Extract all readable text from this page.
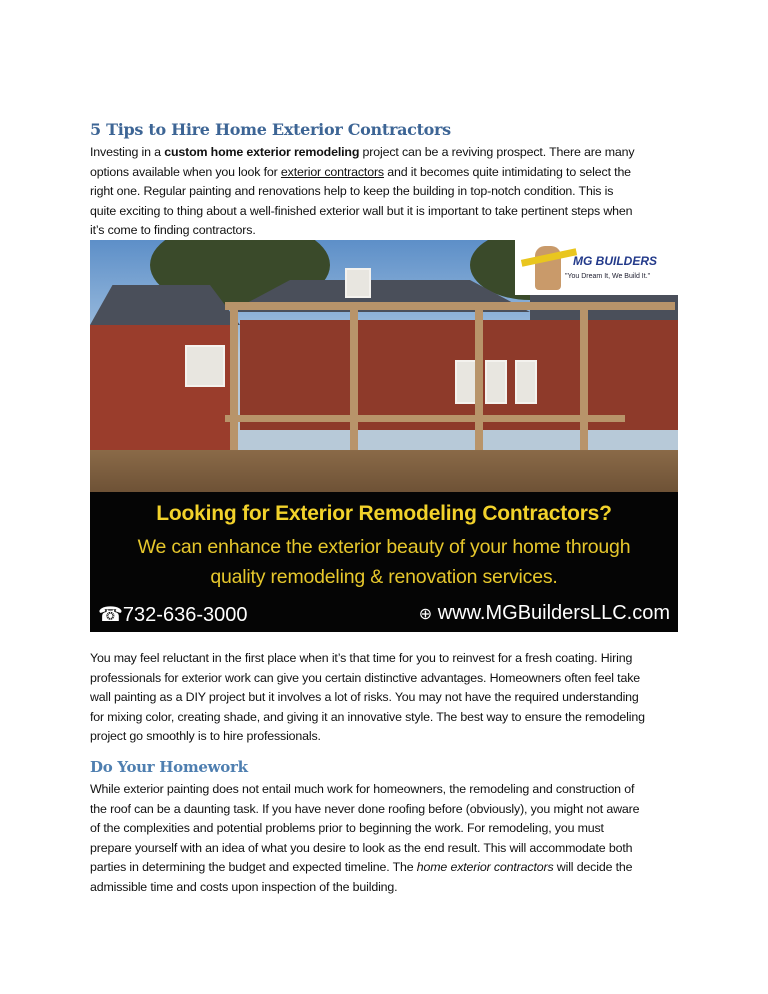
5 Tips to Hire Home Exterior Contractors
Investing in a custom home exterior remodeling project can be a reviving prospect. There are many
options available when you look for exterior contractors and it becomes quite intimidating to select the
right one. Regular painting and renovations help to keep the building in top-notch condition. This is
quite exciting to thing about a well-finished exterior wall but it is important to take pertinent steps when
it’s come to finding contractors.
MG BUILDERS
"You Dream It, We Build It."
Looking for Exterior Remodeling Contractors?
We can enhance the exterior beauty of your home through
quality remodeling & renovation services.
☎732-636-3000	⊕ www.MGBuildersLLC.com
You may feel reluctant in the first place when it’s that time for you to reinvest for a fresh coating. Hiring
professionals for exterior work can give you certain distinctive advantages. Homeowners often feel take
wall painting as a DIY project but it involves a lot of risks. You may not have the required understanding
for mixing color, creating shade, and giving it an innovative style. The best way to ensure the remodeling
project go smoothly is to hire professionals.
Do Your Homework
While exterior painting does not entail much work for homeowners, the remodeling and construction of
the roof can be a daunting task. If you have never done roofing before (obviously), you might not aware
of the complexities and potential problems prior to beginning the work. For remodeling, you must
prepare yourself with an idea of what you desire to look as the end result. This will accommodate both
parties in determining the budget and expected timeline. The home exterior contractors will decide the
admissible time and costs upon inspection of the building.
